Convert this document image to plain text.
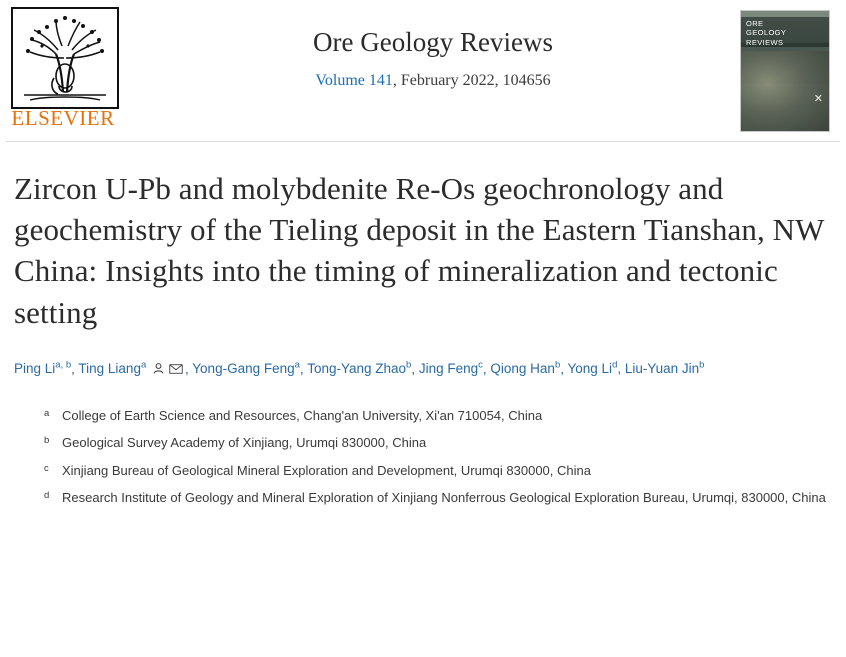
ELSEVIER
Ore Geology Reviews
Volume 141, February 2022, 104656
ORE
GEOLOGY
REVIEWS
✕
Zircon U-Pb and molybdenite Re-Os geochronology and geochemistry of the Tieling deposit in the Eastern Tianshan, NW China: Insights into the timing of mineralization and tectonic setting
Ping Li$^{a, b}$, Ting Liang$^a$	, Yong-Gang Feng$^a$, Tong-Yang Zhao$^b$, Jing Feng$^c$, Qiong Han$^b$, Yong Li$^d$, Liu-Yuan Jin$^b$
a College of Earth Science and Resources, Chang'an University, Xi'an 710054, China
b Geological Survey Academy of Xinjiang, Urumqi 830000, China
c	Xinjiang Bureau of Geological Mineral Exploration and Development, Urumqi 830000, China
d Research Institute of Geology and Mineral Exploration of Xinjiang Nonferrous Geological Exploration Bureau, Urumqi, 830000, China
